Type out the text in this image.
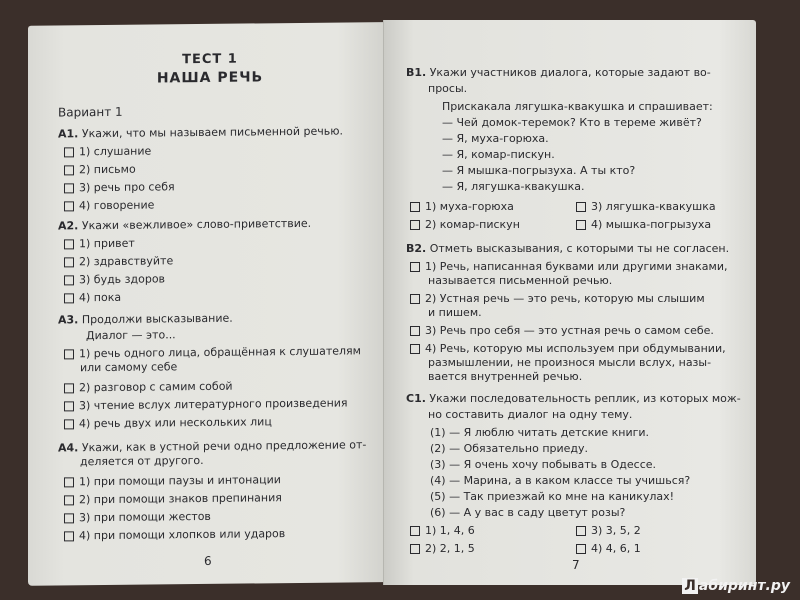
ТЕСТ 1
НАША РЕЧЬ
Вариант 1
А1. Укажи, что мы называем письменной речью.
1) слушание
2) письмо
3) речь про себя
4) говорение
А2. Укажи «вежливое» слово-приветствие.
1) привет
2) здравствуйте
3) будь здоров
4) пока
А3. Продолжи высказывание.
Диалог — это...
1) речь одного лица, обращённая к слушателям
или самому себе
2) разговор с самим собой
3) чтение вслух литературного произведения
4) речь двух или нескольких лиц
А4. Укажи, как в устной речи одно предложение от-
деляется от другого.
1) при помощи паузы и интонации
2) при помощи знаков препинания
3) при помощи жестов
4) при помощи хлопков или ударов
6
В1. Укажи участников диалога, которые задают во-
просы.
Прискакала лягушка-квакушка и спрашивает:
— Чей домок-теремок? Кто в тереме живёт?
— Я, муха-горюха.
— Я, комар-пискун.
— Я мышка-погрызуха. А ты кто?
— Я, лягушка-квакушка.
1) муха-горюха	3) лягушка-квакушка
2) комар-пискун	4) мышка-погрызуха
В2. Отметь высказывания, с которыми ты не согласен.
1) Речь, написанная буквами или другими знаками,
называется письменной речью.
2) Устная речь — это речь, которую мы слышим
и пишем.
3) Речь про себя — это устная речь о самом себе.
4) Речь, которую мы используем при обдумывании,
размышлении, не произнося мысли вслух, назы-
вается внутренней речью.
С1. Укажи последовательность реплик, из которых мож-
но составить диалог на одну тему.
(1) — Я люблю читать детские книги.
(2) — Обязательно приеду.
(3) — Я очень хочу побывать в Одессе.
(4) — Марина, а в каком классе ты учишься?
(5) — Так приезжай ко мне на каникулах!
(6) — А у вас в саду цветут розы?
1) 1, 4, 6	3) 3, 5, 2
2) 2, 1, 5	4) 4, 6, 1
7
Л абиринт.ру
